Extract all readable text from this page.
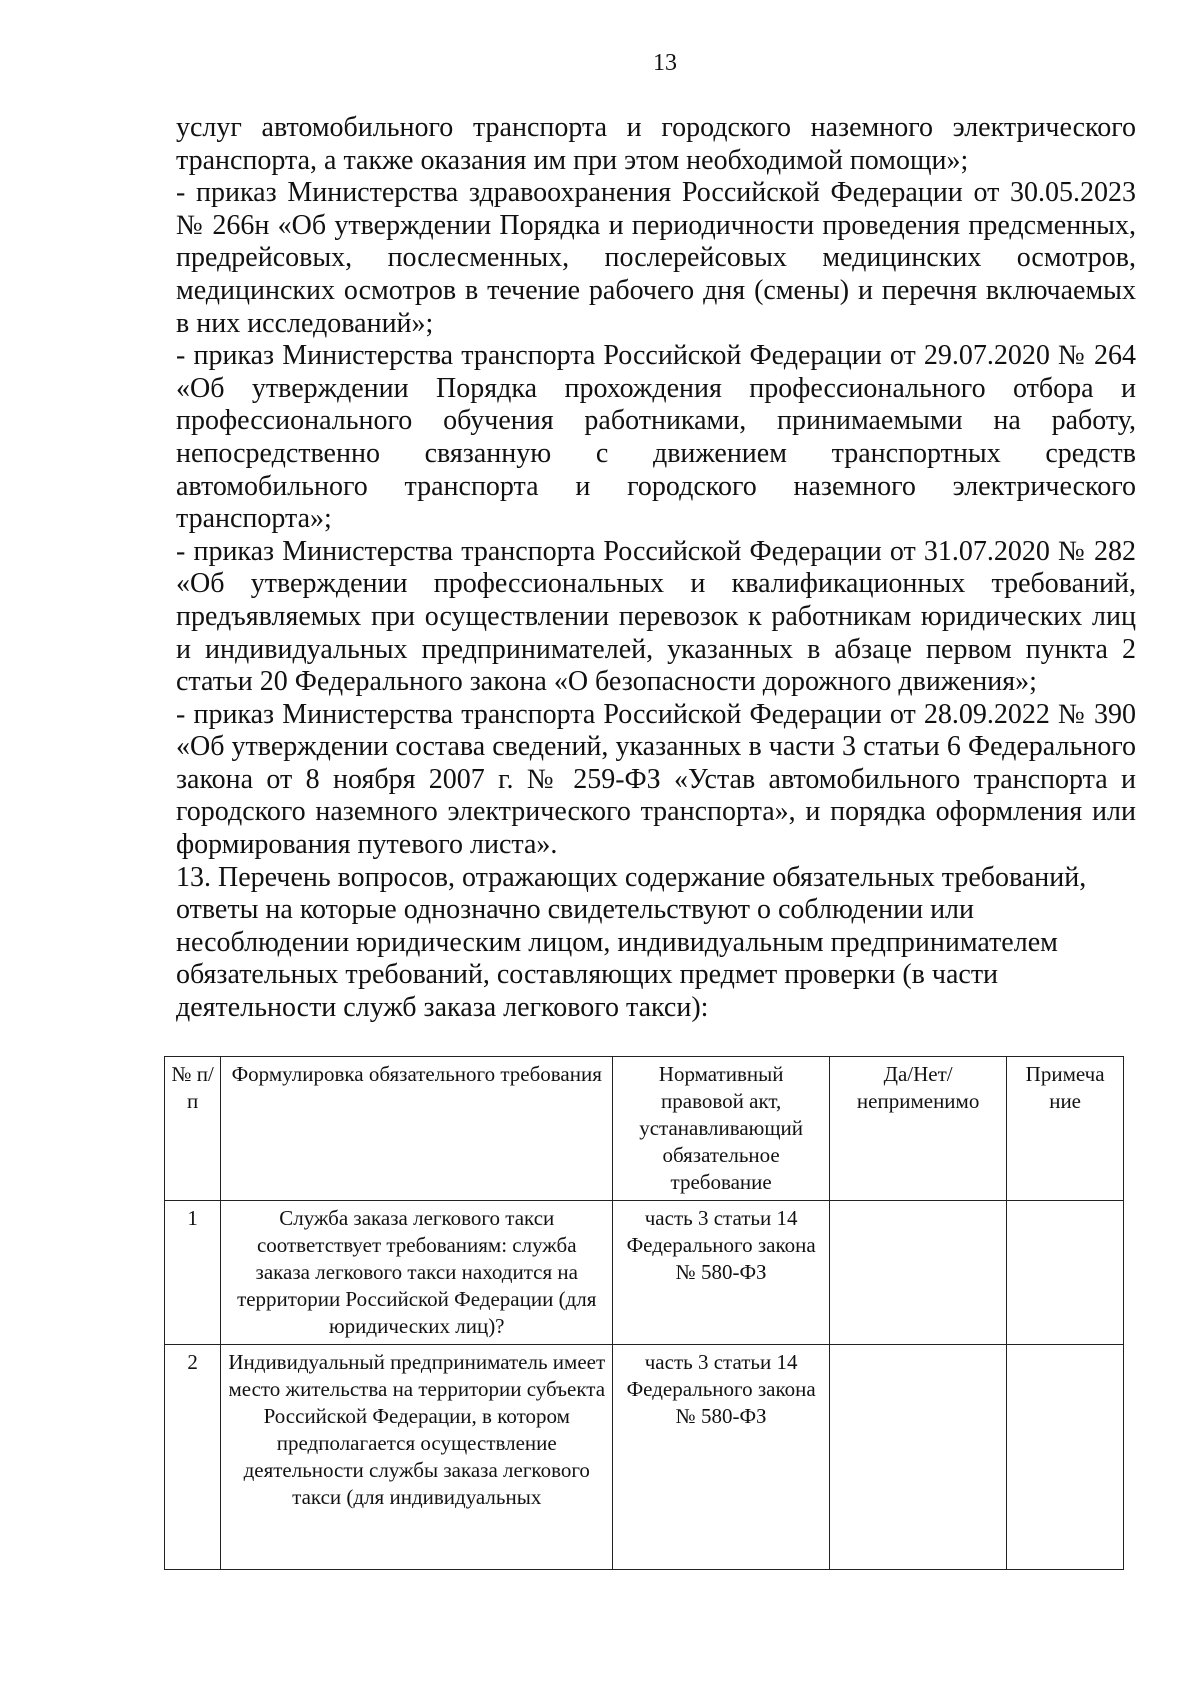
13

услуг автомобильного транспорта и городского наземного электрического транспорта, а также оказания им при этом необходимой помощи»;

- приказ Министерства здравоохранения Российской Федерации от 30.05.2023 № 266н «Об утверждении Порядка и периодичности проведения предсменных, предрейсовых, послесменных, послерейсовых медицинских осмотров, медицинских осмотров в течение рабочего дня (смены) и перечня включаемых в них исследований»;

- приказ Министерства транспорта Российской Федерации от 29.07.2020 № 264 «Об утверждении Порядка прохождения профессионального отбора и профессионального обучения работниками, принимаемыми на работу, непосредственно связанную с движением транспортных средств автомобильного транспорта и городского наземного электрического транспорта»;

- приказ Министерства транспорта Российской Федерации от 31.07.2020 № 282 «Об утверждении профессиональных и квалификационных требований, предъявляемых при осуществлении перевозок к работникам юридических лиц и индивидуальных предпринимателей, указанных в абзаце первом пункта 2 статьи 20 Федерального закона «О безопасности дорожного движения»;

- приказ Министерства транспорта Российской Федерации от 28.09.2022 № 390 «Об утверждении состава сведений, указанных в части 3 статьи 6 Федерального закона от 8 ноября 2007 г. № 259-ФЗ «Устав автомобильного транспорта и городского наземного электрического транспорта», и порядка оформления или формирования путевого листа».

13. Перечень вопросов, отражающих содержание обязательных требований, ответы на которые однозначно свидетельствуют о соблюдении или несоблюдении юридическим лицом, индивидуальным предпринимателем обязательных требований, составляющих предмет проверки (в части деятельности служб заказа легкового такси):

№ п/п	Формулировка обязательного требования	Нормативный правовой акт, устанавливающий обязательное требование	Да/Нет/ неприменимо	Примеча ние
1	Служба заказа легкового такси соответствует требованиям: служба заказа легкового такси находится на территории Российской Федерации (для юридических лиц)?	часть 3 статьи 14 Федерального закона № 580-ФЗ		
2	Индивидуальный предприниматель имеет место жительства на территории субъекта Российской Федерации, в котором предполагается осуществление деятельности службы заказа легкового такси (для индивидуальных	часть 3 статьи 14 Федерального закона № 580-ФЗ		
